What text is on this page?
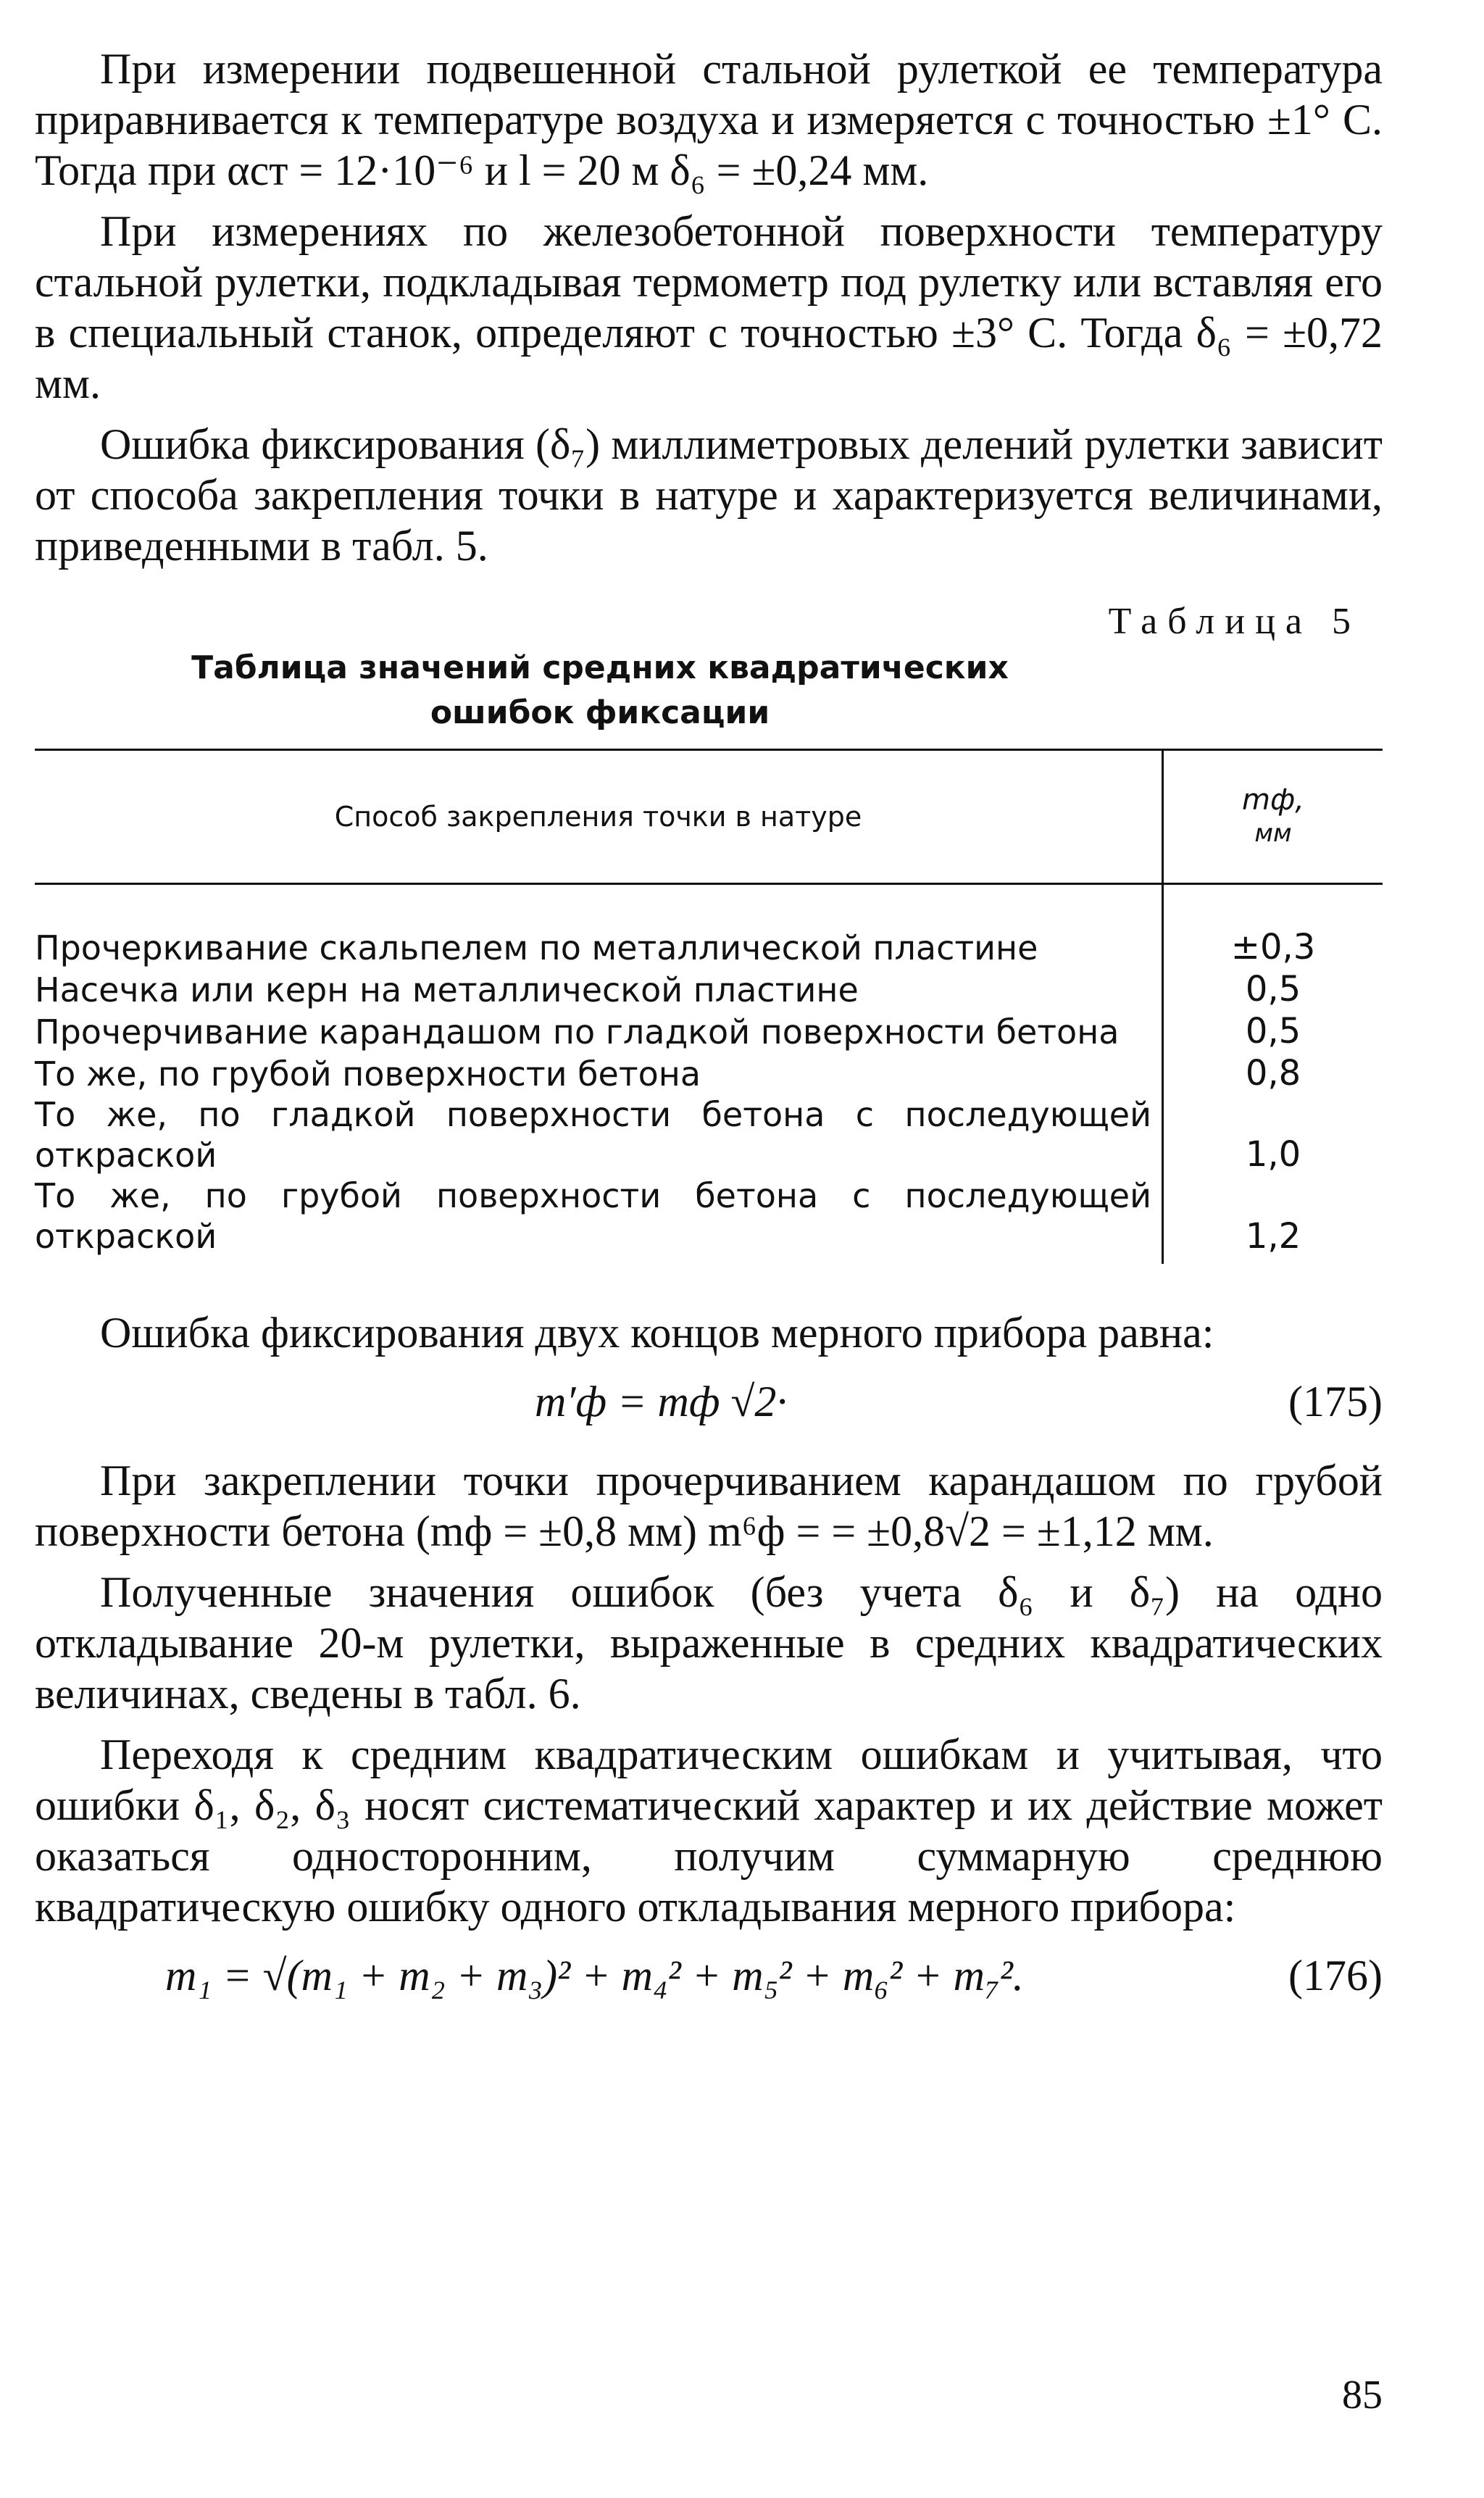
При измерении подвешенной стальной рулеткой ее температура приравнивается к температуре воздуха и измеряется с точностью ±1° С. Тогда при αст = 12·10⁻⁶ и l = 20 м δ₆ = ±0,24 мм.

При измерениях по железобетонной поверхности температуру стальной рулетки, подкладывая термометр под рулетку или вставляя его в специальный станок, определяют с точностью ±3° С. Тогда δ₆ = ±0,72 мм.

Ошибка фиксирования (δ₇) миллиметровых делений рулетки зависит от способа закрепления точки в натуре и характеризуется величинами, приведенными в табл. 5.

Таблица 5
Таблица значений средних квадратических
ошибок фиксации
Способ закрепления точки в натуре	mф,
мм

Прочеркивание скальпелем по металлической пластине	±0,3
Насечка или керн на металлической пластине	0,5
Прочерчивание карандашом по гладкой поверхности бетона	0,5
То же, по грубой поверхности бетона	0,8
То же, по гладкой поверхности бетона с последующей откраской	1,0
То же, по грубой поверхности бетона с последующей откраской	1,2

Ошибка фиксирования двух концов мерного прибора равна:

m′ф = mф √2·	(175)

При закреплении точки прочерчиванием карандашом по грубой поверхности бетона (mф = ±0,8 мм) m⁶ф = = ±0,8√2 = ±1,12 мм.

Полученные значения ошибок (без учета δ₆ и δ₇) на одно откладывание 20-м рулетки, выраженные в средних квадратических величинах, сведены в табл. 6.

Переходя к средним квадратическим ошибкам и учитывая, что ошибки δ₁, δ₂, δ₃ носят систематический характер и их действие может оказаться односторонним, получим суммарную среднюю квадратическую ошибку одного откладывания мерного прибора:

m₁ = √(m₁ + m₂ + m₃)² + m₄² + m₅² + m₆² + m₇².	(176)
85
